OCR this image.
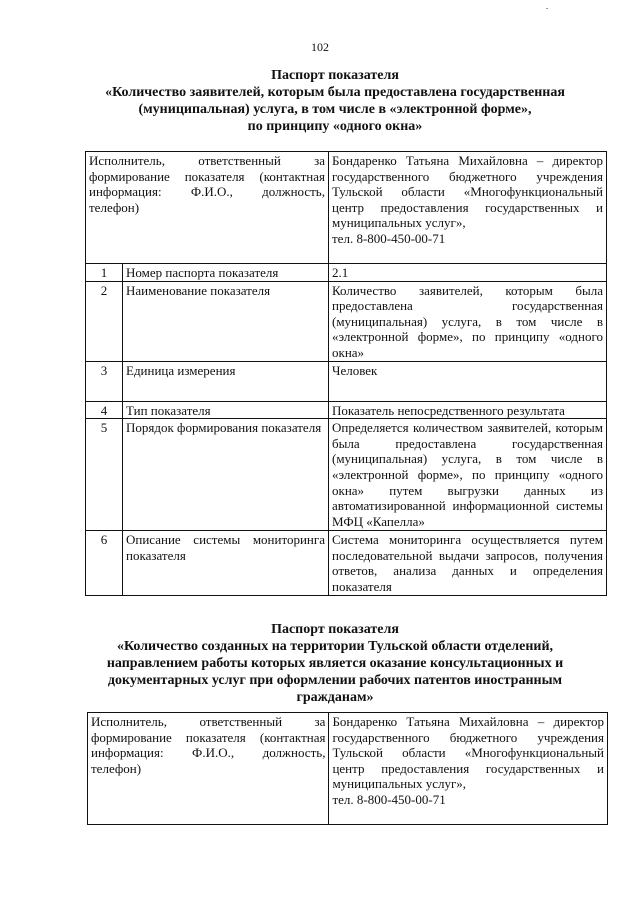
102
Паспорт показателя
«Количество заявителей, которым была предоставлена государственная
(муниципальная) услуга, в том числе в «электронной форме»,
по принципу «одного окна»
Исполнитель, ответственный за формирование показателя (контактная информация: Ф.И.О., должность, телефон)		Бондаренко Татьяна Михайловна – директор государственного бюджетного учреждения Тульской области «Многофункциональный центр предоставления государственных и муниципальных услуг»,
тел. 8-800-450-00-71
1	Номер паспорта показателя	2.1
2	Наименование показателя	Количество заявителей, которым была предоставлена государственная (муниципальная) услуга, в том числе в «электронной форме», по принципу «одного окна»
3	Единица измерения	Человек
4	Тип показателя	Показатель непосредственного результата
5	Порядок формирования показателя	Определяется количеством заявителей, которым была предоставлена государственная (муниципальная) услуга, в том числе в «электронной форме», по принципу «одного окна» путем выгрузки данных из автоматизированной информационной системы МФЦ «Капелла»
6	Описание системы мониторинга показателя	Система мониторинга осуществляется путем последовательной выдачи запросов, получения ответов, анализа данных и определения показателя
Паспорт показателя
«Количество созданных на территории Тульской области отделений,
направлением работы которых является оказание консультационных и
документарных услуг при оформлении рабочих патентов иностранным
гражданам»
Исполнитель, ответственный за формирование показателя (контактная информация: Ф.И.О., должность, телефон)	Бондаренко Татьяна Михайловна – директор государственного бюджетного учреждения Тульской области «Многофункциональный центр предоставления государственных и муниципальных услуг»,
тел. 8-800-450-00-71
